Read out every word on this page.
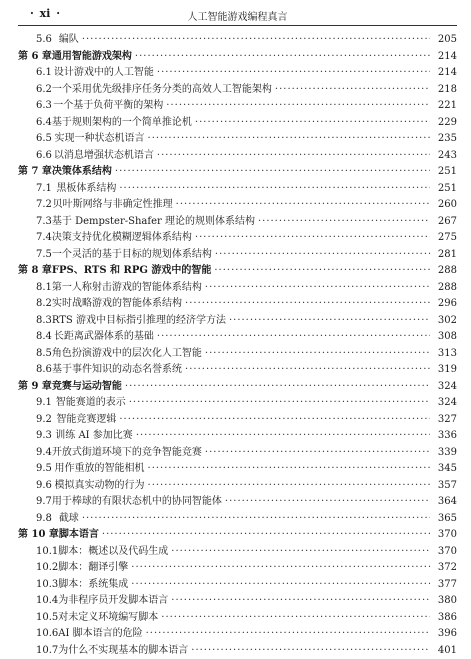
· ⅺ ·	人工智能游戏编程真言
5.6 编队 ·····	205
第 6 章 通用智能游戏架构 ·····	214
6.1 设计游戏中的人工智能 ·····	214
6.2 一个采用优先级排序任务分类的高效人工智能架构 ·····	218
6.3 一个基于负荷平衡的架构 ·····	221
6.4 基于规则架构的一个简单推论机 ·····	229
6.5 实现一种状态机语言 ·····	235
6.6 以消息增强状态机语言 ·····	243
第 7 章 决策体系结构 ·····	251
7.1 黑板体系结构 ·····	251
7.2 贝叶斯网络与非确定性推理 ·····	260
7.3 基于 Dempster-Shafer 理论的规则体系结构 ·····	267
7.4 决策支持优化模糊逻辑体系结构 ·····	275
7.5 一个灵活的基于目标的规划体系结构 ·····	281
第 8 章 FPS、RTS 和 RPG 游戏中的智能 ·····	288
8.1 第一人称射击游戏的智能体系结构 ·····	288
8.2 实时战略游戏的智能体系结构 ·····	296
8.3 RTS 游戏中目标指引推理的经济学方法 ·····	302
8.4 长距离武器体系的基础 ·····	308
8.5 角色扮演游戏中的层次化人工智能 ·····	313
8.6 基于事件知识的动态名誉系统 ·····	319
第 9 章 竞赛与运动智能 ·····	324
9.1 智能赛道的表示 ·····	324
9.2 智能竞赛逻辑 ·····	327
9.3 训练 AI 参加比赛 ·····	336
9.4 开放式街道环境下的竞争智能竞赛 ·····	339
9.5 用作重放的智能相机 ·····	345
9.6 模拟真实动物的行为 ·····	357
9.7 用于棒球的有限状态机中的协同智能体 ·····	364
9.8 截球 ·····	365
第 10 章 脚本语言 ·····	370
10.1 脚本：概述以及代码生成 ·····	370
10.2 脚本：翻译引擎 ·····	372
10.3 脚本：系统集成 ·····	377
10.4 为非程序员开发脚本语言 ·····	380
10.5 对未定义环境编写脚本 ·····	386
10.6 AI 脚本语言的危险 ·····	396
10.7 为什么不实现基本的脚本语言 ·····	401
